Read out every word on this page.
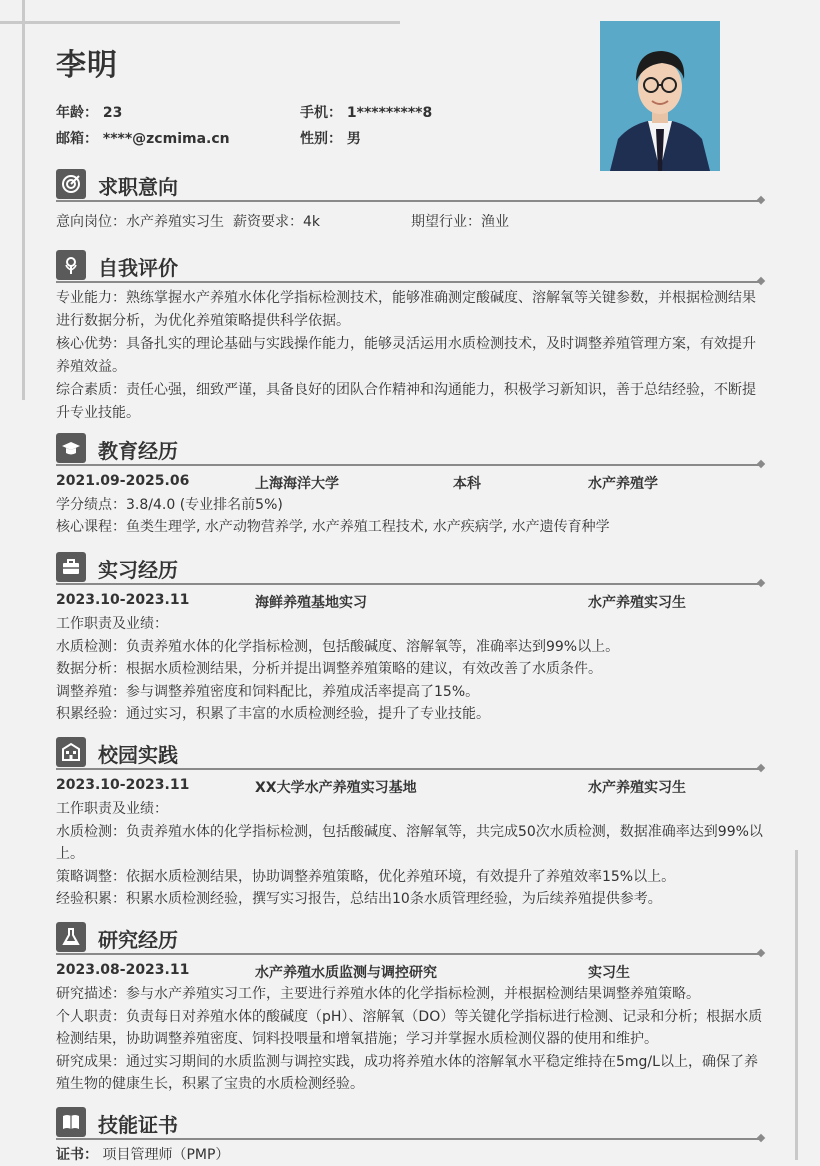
李明
年龄： 23	手机： 1*********8
邮箱： ****@zcmima.cn	性别： 男
求职意向
意向岗位：水产养殖实习生 薪资要求：4k	期望行业：渔业
自我评价
专业能力：熟练掌握水产养殖水体化学指标检测技术，能够准确测定酸碱度、溶解氧等关键参数，并根据检测结果进行数据分析，为优化养殖策略提供科学依据。
核心优势：具备扎实的理论基础与实践操作能力，能够灵活运用水质检测技术，及时调整养殖管理方案，有效提升养殖效益。
综合素质：责任心强，细致严谨，具备良好的团队合作精神和沟通能力，积极学习新知识，善于总结经验，不断提升专业技能。
教育经历
2021.09-2025.06	上海海洋大学	本科	水产养殖学
学分绩点：3.8/4.0 (专业排名前5%)
核心课程：鱼类生理学, 水产动物营养学, 水产养殖工程技术, 水产疾病学, 水产遗传育种学
实习经历
2023.10-2023.11	海鲜养殖基地实习	水产养殖实习生
工作职责及业绩：
水质检测：负责养殖水体的化学指标检测，包括酸碱度、溶解氧等，准确率达到99%以上。
数据分析：根据水质检测结果，分析并提出调整养殖策略的建议，有效改善了水质条件。
调整养殖：参与调整养殖密度和饲料配比，养殖成活率提高了15%。
积累经验：通过实习，积累了丰富的水质检测经验，提升了专业技能。
校园实践
2023.10-2023.11	XX大学水产养殖实习基地	水产养殖实习生
工作职责及业绩：
水质检测：负责养殖水体的化学指标检测，包括酸碱度、溶解氧等，共完成50次水质检测，数据准确率达到99%以上。
策略调整：依据水质检测结果，协助调整养殖策略，优化养殖环境，有效提升了养殖效率15%以上。
经验积累：积累水质检测经验，撰写实习报告，总结出10条水质管理经验，为后续养殖提供参考。
研究经历
2023.08-2023.11	水产养殖水质监测与调控研究	实习生
研究描述：参与水产养殖实习工作，主要进行养殖水体的化学指标检测，并根据检测结果调整养殖策略。
个人职责：负责每日对养殖水体的酸碱度（pH）、溶解氧（DO）等关键化学指标进行检测、记录和分析；根据水质检测结果，协助调整养殖密度、饲料投喂量和增氧措施；学习并掌握水质检测仪器的使用和维护。
研究成果：通过实习期间的水质监测与调控实践，成功将养殖水体的溶解氧水平稳定维持在5mg/L以上，确保了养殖生物的健康生长，积累了宝贵的水质检测经验。
技能证书
证书： 项目管理师（PMP）
